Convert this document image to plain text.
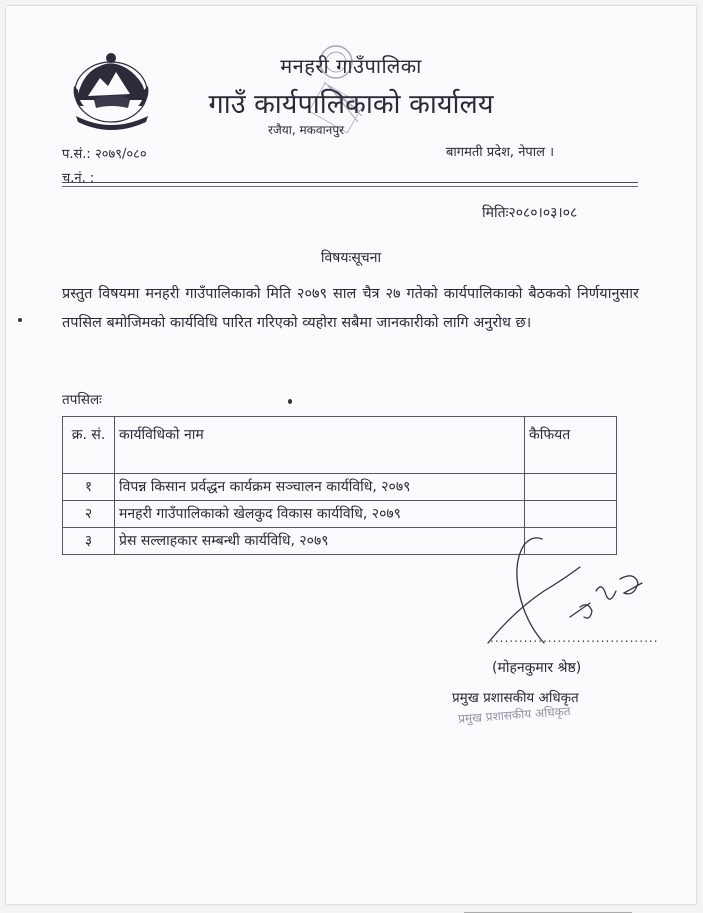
मनहरी गाउँपालिका
गाउँ कार्यपालिकाको कार्यालय
रजैया, मकवानपुर
प.सं.: २०७९/०८०
च.नं. :
बागमती प्रदेश, नेपाल ।
मितिः२०८०।०३।०८
विषयःसूचना
प्रस्तुत विषयमा मनहरी गाउँपालिकाको मिति २०७९ साल चैत्र २७ गतेको कार्यपालिकाको बैठकको निर्णयानुसार तपसिल बमोजिमको कार्यविधि पारित गरिएको व्यहोरा सबैमा जानकारीको लागि अनुरोध छ।
तपसिलः
क्र. सं.	कार्यविधिको नाम	कैफियत
१	विपन्न किसान प्रर्वद्धन कार्यक्रम सञ्चालन कार्यविधि, २०७९	
२	मनहरी गाउँपालिकाको खेलकुद विकास कार्यविधि, २०७९	
३	प्रेस सल्लाहकार सम्बन्धी कार्यविधि, २०७९	
...................................
(मोहनकुमार श्रेष्ठ)
प्रमुख प्रशासकीय अधिकृत
प्रमुख प्रशासकीय अधिकृत
